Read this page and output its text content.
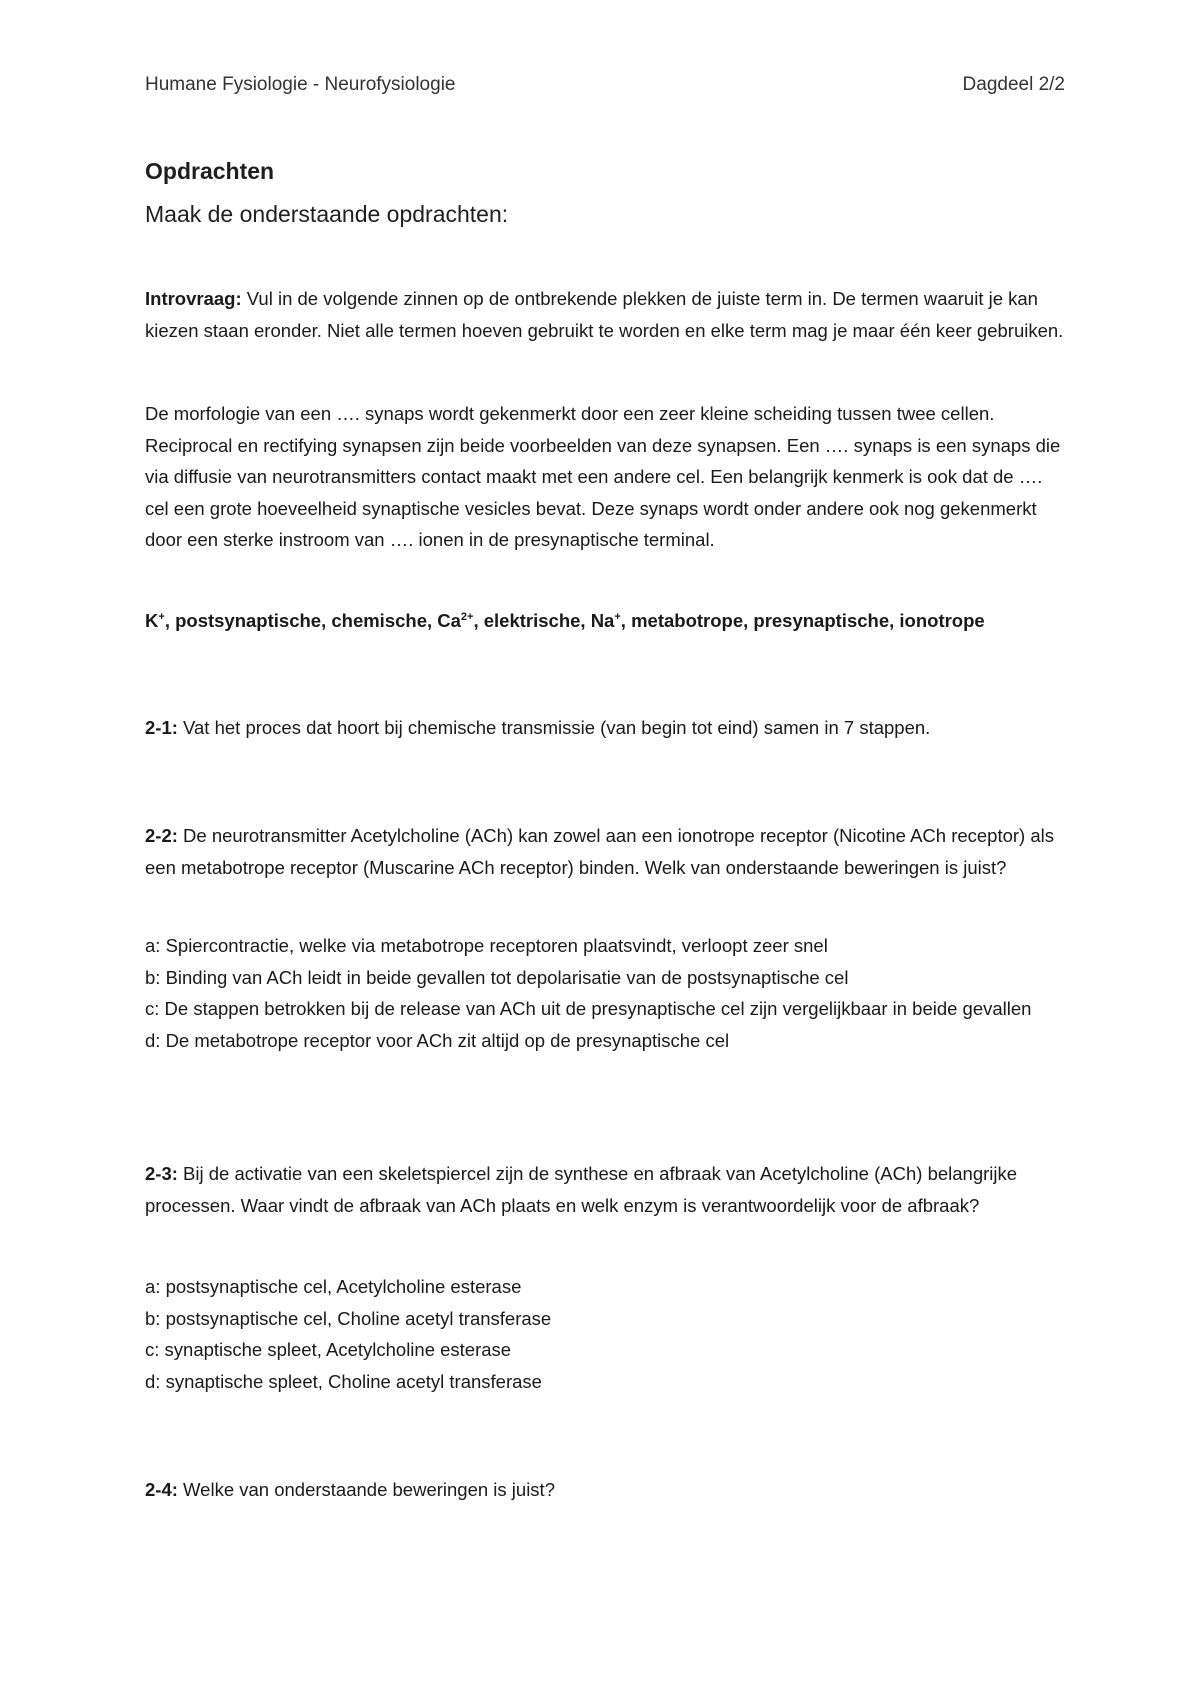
Humane Fysiologie - Neurofysiologie	Dagdeel 2/2
Opdrachten
Maak de onderstaande opdrachten:

Introvraag: Vul in de volgende zinnen op de ontbrekende plekken de juiste term in. De termen waaruit je kan kiezen staan eronder. Niet alle termen hoeven gebruikt te worden en elke term mag je maar één keer gebruiken.

De morfologie van een …. synaps wordt gekenmerkt door een zeer kleine scheiding tussen twee cellen. Reciprocal en rectifying synapsen zijn beide voorbeelden van deze synapsen. Een …. synaps is een synaps die via diffusie van neurotransmitters contact maakt met een andere cel. Een belangrijk kenmerk is ook dat de …. cel een grote hoeveelheid synaptische vesicles bevat. Deze synaps wordt onder andere ook nog gekenmerkt door een sterke instroom van …. ionen in de presynaptische terminal.
K+, postsynaptische, chemische, $Ca^{2+}$, elektrische, Na+, metabotrope, presynaptische, ionotrope

2-1: Vat het proces dat hoort bij chemische transmissie (van begin tot eind) samen in 7 stappen.

2-2: De neurotransmitter Acetylcholine (ACh) kan zowel aan een ionotrope receptor (Nicotine ACh receptor) als een metabotrope receptor (Muscarine ACh receptor) binden. Welk van onderstaande beweringen is juist?

a: Spiercontractie, welke via metabotrope receptoren plaatsvindt, verloopt zeer snel

b: Binding van ACh leidt in beide gevallen tot depolarisatie van de postsynaptische cel

c: De stappen betrokken bij de release van ACh uit de presynaptische cel zijn vergelijkbaar in beide gevallen

d: De metabotrope receptor voor ACh zit altijd op de presynaptische cel

2-3: Bij de activatie van een skeletspiercel zijn de synthese en afbraak van Acetylcholine (ACh) belangrijke processen. Waar vindt de afbraak van ACh plaats en welk enzym is verantwoordelijk voor de afbraak?

a: postsynaptische cel, Acetylcholine esterase

b: postsynaptische cel, Choline acetyl transferase

c: synaptische spleet, Acetylcholine esterase

d: synaptische spleet, Choline acetyl transferase

2-4: Welke van onderstaande beweringen is juist?
